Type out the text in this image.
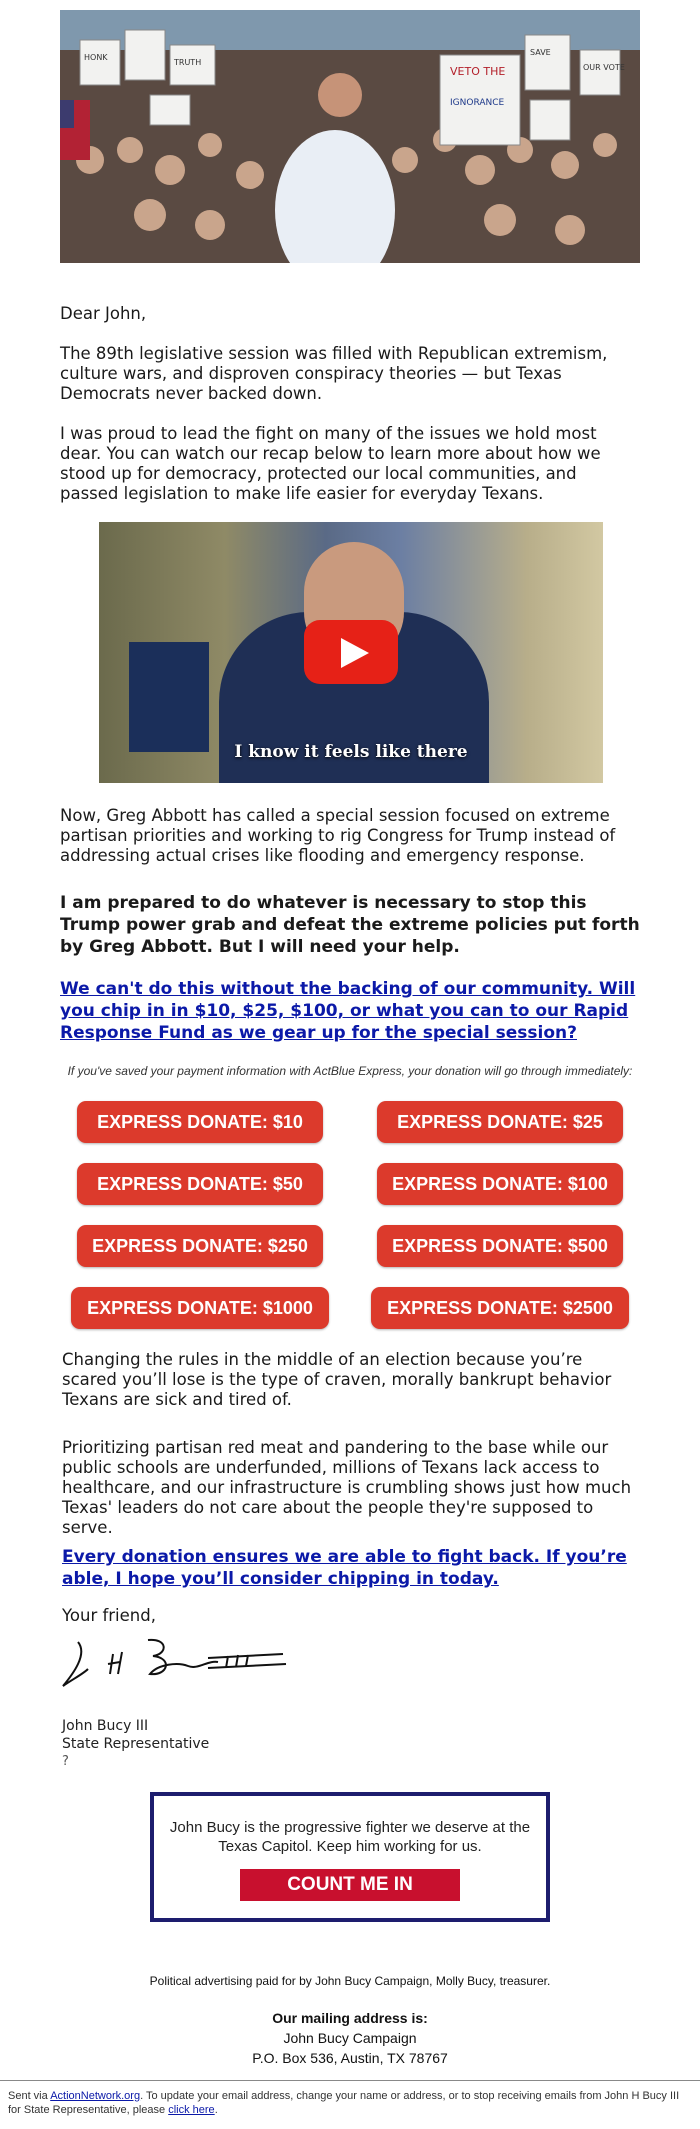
VETO THE
IGNORANCE
SAVE
HONK
TRUTH
OUR VOTE

Dear John,

The 89th legislative session was filled with Republican extremism, culture wars, and disproven conspiracy theories — but Texas Democrats never backed down.

I was proud to lead the fight on many of the issues we hold most dear. You can watch our recap below to learn more about how we stood up for democracy, protected our local communities, and passed legislation to make life easier for everyday Texans.

I know it feels like there

Now, Greg Abbott has called a special session focused on extreme partisan priorities and working to rig Congress for Trump instead of addressing actual crises like flooding and emergency response.

I am prepared to do whatever is necessary to stop this Trump power grab and defeat the extreme policies put forth by Greg Abbott. But I will need your help.

We can't do this without the backing of our community. Will you chip in in $10, $25, $100, or what you can to our Rapid Response Fund as we gear up for the special session?
If you've saved your payment information with ActBlue Express, your donation will go through immediately:
EXPRESS DONATE: $10	EXPRESS DONATE: $25
EXPRESS DONATE: $50	EXPRESS DONATE: $100
EXPRESS DONATE: $250	EXPRESS DONATE: $500
EXPRESS DONATE: $1000	EXPRESS DONATE: $2500

Changing the rules in the middle of an election because you’re scared you’ll lose is the type of craven, morally bankrupt behavior Texans are sick and tired of.

Prioritizing partisan red meat and pandering to the base while our public schools are underfunded, millions of Texans lack access to healthcare, and our infrastructure is crumbling shows just how much Texas' leaders do not care about the people they're supposed to serve.

Every donation ensures we are able to fight back. If you’re able, I hope you’ll consider chipping in today.

Your friend,

John Bucy III
State Representative
?
John Bucy is the progressive fighter we deserve at the Texas Capitol. Keep him working for us.
COUNT ME IN
Political advertising paid for by John Bucy Campaign, Molly Bucy, treasurer.
Our mailing address is:
John Bucy Campaign
P.O. Box 536, Austin, TX 78767
Sent via ActionNetwork.org. To update your email address, change your name or address, or to stop receiving emails from John H Bucy III for State Representative, please click here.
